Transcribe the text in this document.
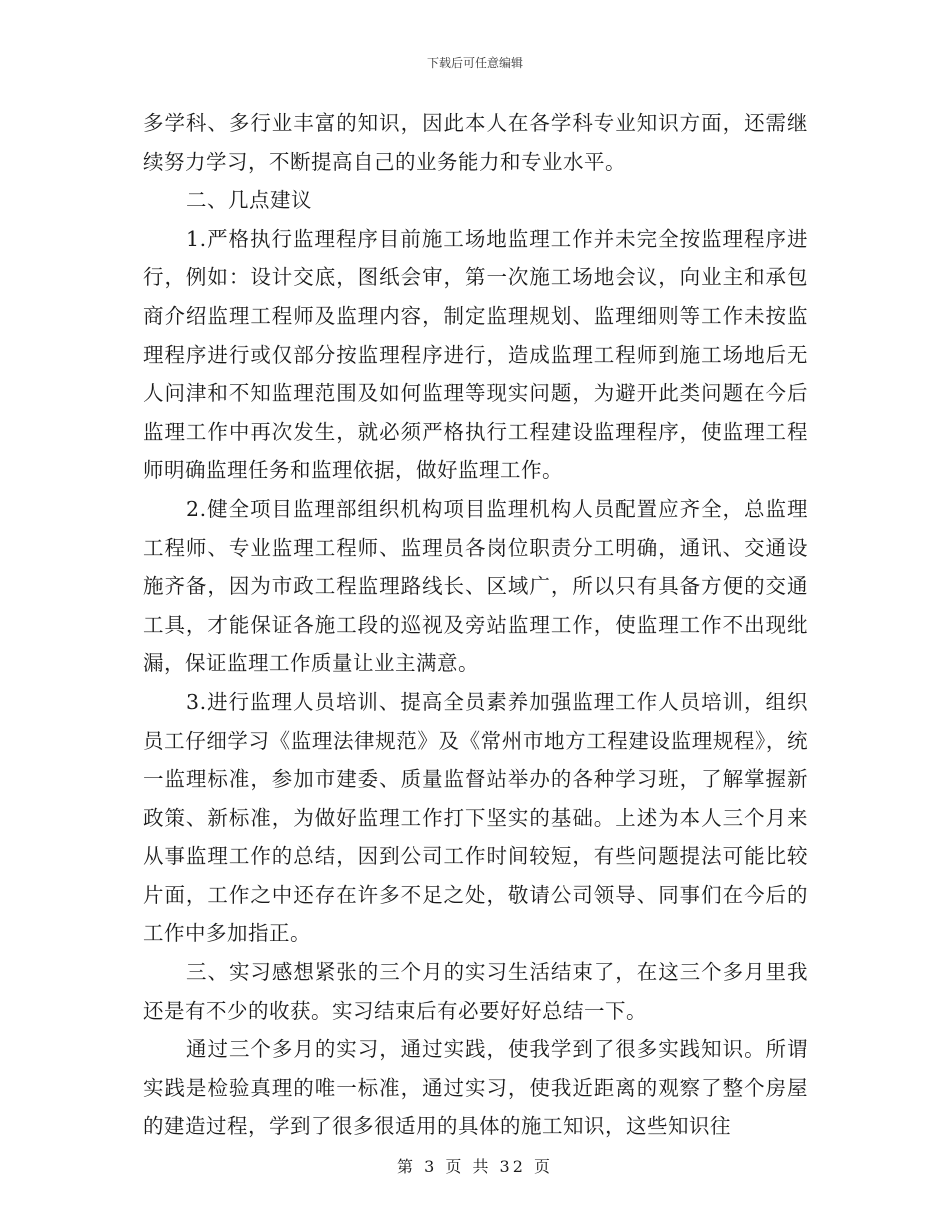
下载后可任意编辑

多学科、多行业丰富的知识，因此本人在各学科专业知识方面，还需继续努力学习，不断提高自己的业务能力和专业水平。

二、几点建议

1.严格执行监理程序目前施工场地监理工作并未完全按监理程序进行，例如：设计交底，图纸会审，第一次施工场地会议，向业主和承包商介绍监理工程师及监理内容，制定监理规划、监理细则等工作未按监理程序进行或仅部分按监理程序进行，造成监理工程师到施工场地后无人问津和不知监理范围及如何监理等现实问题，为避开此类问题在今后监理工作中再次发生，就必须严格执行工程建设监理程序，使监理工程师明确监理任务和监理依据，做好监理工作。

2.健全项目监理部组织机构项目监理机构人员配置应齐全，总监理工程师、专业监理工程师、监理员各岗位职责分工明确，通讯、交通设施齐备，因为市政工程监理路线长、区域广，所以只有具备方便的交通工具，才能保证各施工段的巡视及旁站监理工作，使监理工作不出现纰漏，保证监理工作质量让业主满意。

3.进行监理人员培训、提高全员素养加强监理工作人员培训，组织员工仔细学习《监理法律规范》及《常州市地方工程建设监理规程》，统一监理标准，参加市建委、质量监督站举办的各种学习班，了解掌握新政策、新标准，为做好监理工作打下坚实的基础。上述为本人三个月来从事监理工作的总结，因到公司工作时间较短，有些问题提法可能比较片面，工作之中还存在许多不足之处，敬请公司领导、同事们在今后的工作中多加指正。

三、实习感想紧张的三个月的实习生活结束了，在这三个多月里我还是有不少的收获。实习结束后有必要好好总结一下。

通过三个多月的实习，通过实践，使我学到了很多实践知识。所谓实践是检验真理的唯一标准，通过实习，使我近距离的观察了整个房屋的建造过程，学到了很多很适用的具体的施工知识，这些知识往

第 3 页 共 32 页
